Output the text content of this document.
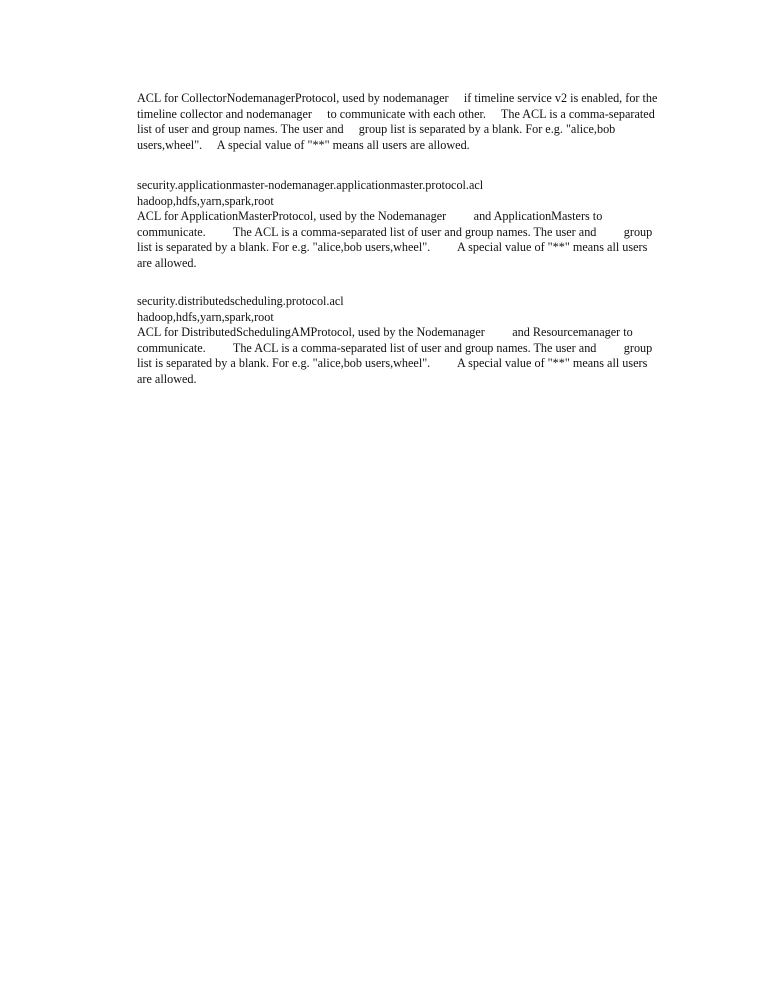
ACL for CollectorNodemanagerProtocol, used by nodemanager     if timeline service v2 is enabled, for the
timeline collector and nodemanager     to communicate with each other.     The ACL is a comma-separated
list of user and group names. The user and     group list is separated by a blank. For e.g. "alice,bob
users,wheel".     A special value of "**" means all users are allowed.
security.applicationmaster-nodemanager.applicationmaster.protocol.acl
hadoop,hdfs,yarn,spark,root
ACL for ApplicationMasterProtocol, used by the Nodemanager         and ApplicationMasters to
communicate.         The ACL is a comma-separated list of user and group names. The user and         group
list is separated by a blank. For e.g. "alice,bob users,wheel".         A special value of "**" means all users
are allowed.
security.distributedscheduling.protocol.acl
hadoop,hdfs,yarn,spark,root
ACL for DistributedSchedulingAMProtocol, used by the Nodemanager         and Resourcemanager to
communicate.         The ACL is a comma-separated list of user and group names. The user and         group
list is separated by a blank. For e.g. "alice,bob users,wheel".         A special value of "**" means all users
are allowed.
